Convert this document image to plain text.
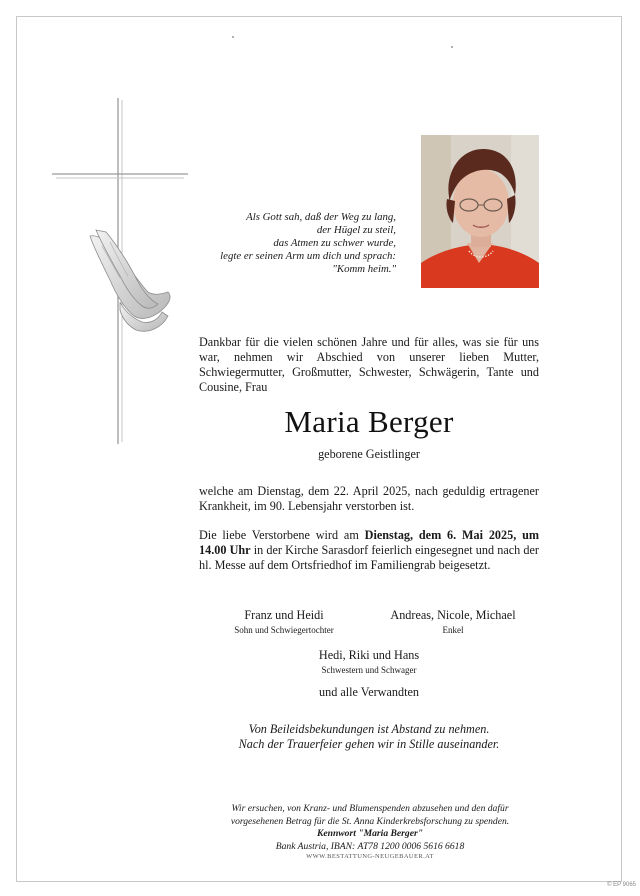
Als Gott sah, daß der Weg zu lang,
der Hügel zu steil,
das Atmen zu schwer wurde,
legte er seinen Arm um dich und sprach:
"Komm heim."
Dankbar für die vielen schönen Jahre und für alles, was sie für uns war, nehmen wir Abschied von unserer lieben Mutter, Schwiegermutter, Großmutter, Schwester, Schwägerin, Tante und Cousine, Frau
Maria Berger
geborene Geistlinger
welche am Dienstag, dem 22. April 2025, nach geduldig ertragener Krankheit, im 90. Lebensjahr verstorben ist.
Die liebe Verstorbene wird am Dienstag, dem 6. Mai 2025, um 14.00 Uhr in der Kirche Sarasdorf feierlich eingesegnet und nach der hl. Messe auf dem Ortsfriedhof im Familiengrab beigesetzt.
Franz und Heidi
Sohn und Schwiegertochter
Andreas, Nicole, Michael
Enkel
Hedi, Riki und Hans
Schwestern und Schwager
und alle Verwandten
Von Beileidsbekundungen ist Abstand zu nehmen.
Nach der Trauerfeier gehen wir in Stille auseinander.
Wir ersuchen, von Kranz- und Blumenspenden abzusehen und den dafür
vorgesehenen Betrag für die St. Anna Kinderkrebsforschung zu spenden.
Kennwort "Maria Berger"
Bank Austria, IBAN: AT78 1200 0006 5616 6618
WWW.BESTATTUNG-NEUGEBAUER.AT
© EP 9065
